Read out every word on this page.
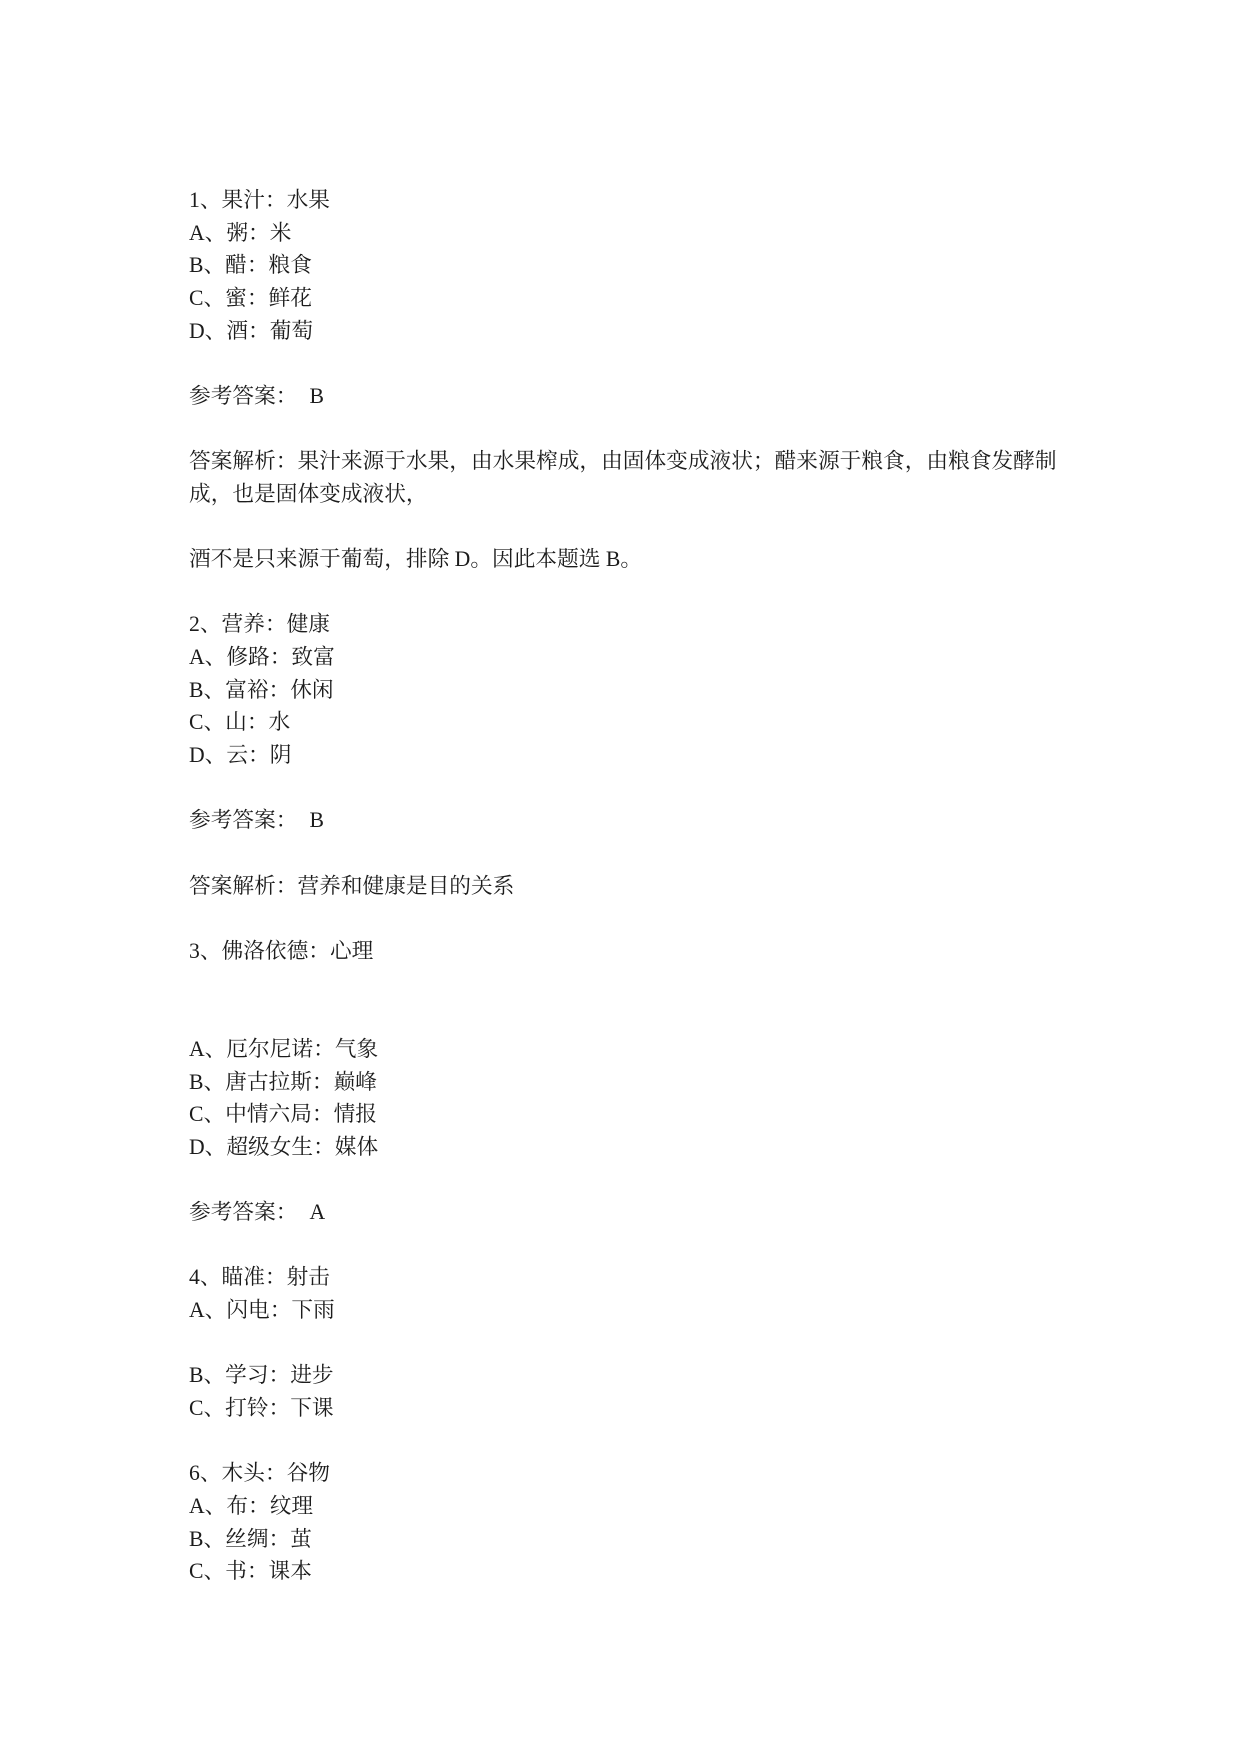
1、果汁：水果
A、粥：米
B、醋：粮食
C、蜜：鲜花
D、酒：葡萄
参考答案： B
答案解析：果汁来源于水果，由水果榨成，由固体变成液状；醋来源于粮食，由粮食发酵制成，也是固体变成液状，
酒不是只来源于葡萄，排除 D。因此本题选 B。
2、营养：健康
A、修路：致富
B、富裕：休闲
C、山：水
D、云：阴
参考答案： B
答案解析：营养和健康是目的关系
3、佛洛依德：心理
A、厄尔尼诺：气象
B、唐古拉斯：巅峰
C、中情六局：情报
D、超级女生：媒体
参考答案： A
4、瞄准：射击
A、闪电：下雨
B、学习：进步
C、打铃：下课
6、木头：谷物
A、布：纹理
B、丝绸：茧
C、书：课本
